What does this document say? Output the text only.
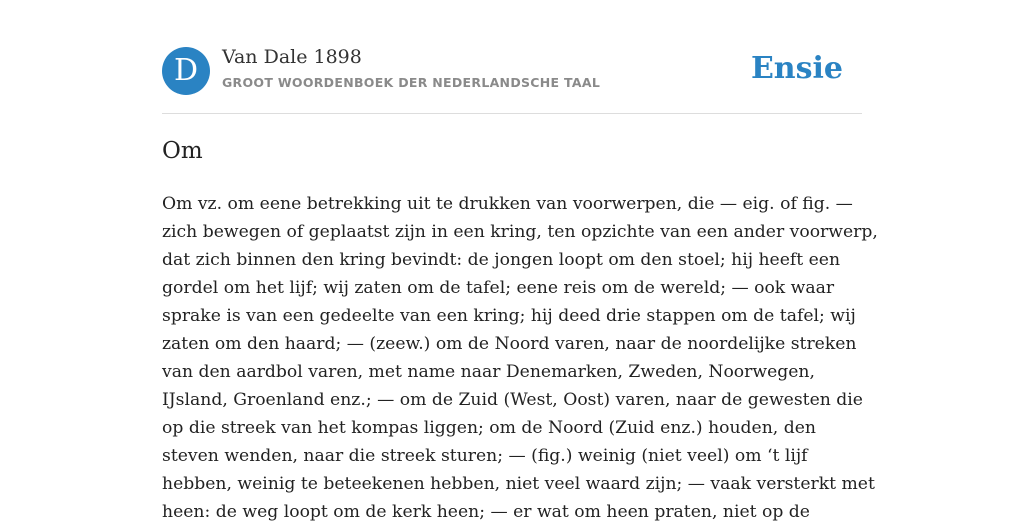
D	Van Dale 1898
GROOT WOORDENBOEK DER NEDERLANDSCHE TAAL	Ensie
Om
Om vz. om eene betrekking uit te drukken van voorwerpen, die — eig. of fig. —
zich bewegen of geplaatst zijn in een kring, ten opzichte van een ander voorwerp,
dat zich binnen den kring bevindt: de jongen loopt om den stoel; hij heeft een
gordel om het lijf; wij zaten om de tafel; eene reis om de wereld; — ook waar
sprake is van een gedeelte van een kring; hij deed drie stappen om de tafel; wij
zaten om den haard; — (zeew.) om de Noord varen, naar de noordelijke streken
van den aardbol varen, met name naar Denemarken, Zweden, Noorwegen,
IJsland, Groenland enz.; — om de Zuid (West, Oost) varen, naar de gewesten die
op die streek van het kompas liggen; om de Noord (Zuid enz.) houden, den
steven wenden, naar die streek sturen; — (fig.) weinig (niet veel) om ‘t lijf
hebben, weinig te beteekenen hebben, niet veel waard zijn; — vaak versterkt met
heen: de weg loopt om de kerk heen; — er wat om heen praten, niet op de
